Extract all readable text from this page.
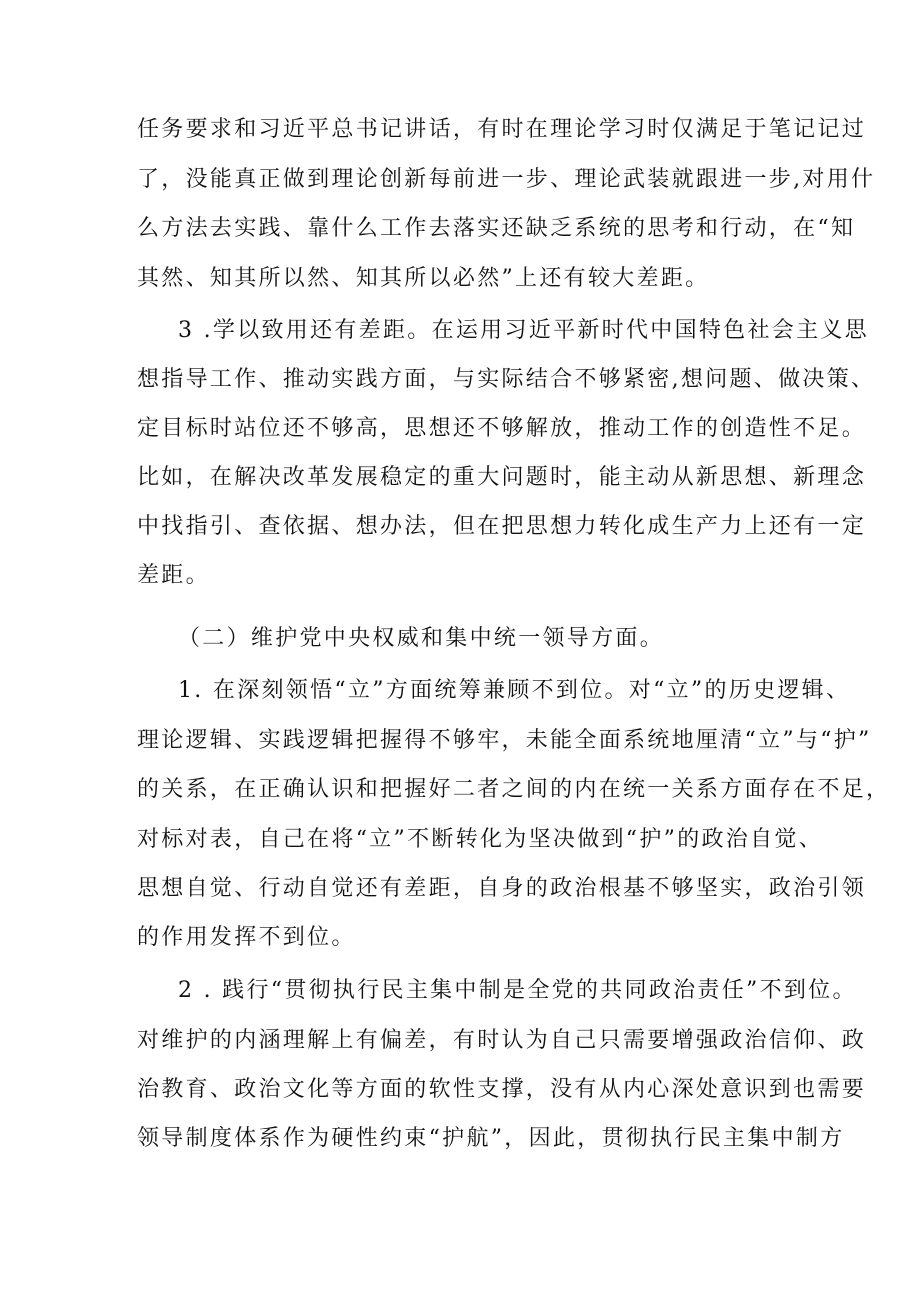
任务要求和习近平总书记讲话，有时在理论学习时仅满足于笔记记过
了，没能真正做到理论创新每前进一步、理论武装就跟进一步,对用什
么方法去实践、靠什么工作去落实还缺乏系统的思考和行动，在“知
其然、知其所以然、知其所以必然”上还有较大差距。
3 .学以致用还有差距。在运用习近平新时代中国特色社会主义思
想指导工作、推动实践方面，与实际结合不够紧密,想问题、做决策、
定目标时站位还不够高，思想还不够解放，推动工作的创造性不足。
比如，在解决改革发展稳定的重大问题时，能主动从新思想、新理念
中找指引、查依据、想办法，但在把思想力转化成生产力上还有一定
差距。
（二）维护党中央权威和集中统一领导方面。
1. 在深刻领悟“立”方面统筹兼顾不到位。对“立”的历史逻辑、
理论逻辑、实践逻辑把握得不够牢，未能全面系统地厘清“立”与“护”
的关系，在正确认识和把握好二者之间的内在统一关系方面存在不足，
对标对表，自己在将“立”不断转化为坚决做到“护”的政治自觉、
思想自觉、行动自觉还有差距，自身的政治根基不够坚实，政治引领
的作用发挥不到位。
2 . 践行“贯彻执行民主集中制是全党的共同政治责任”不到位。
对维护的内涵理解上有偏差，有时认为自己只需要增强政治信仰、政
治教育、政治文化等方面的软性支撑，没有从内心深处意识到也需要
领导制度体系作为硬性约束“护航”，因此，贯彻执行民主集中制方
